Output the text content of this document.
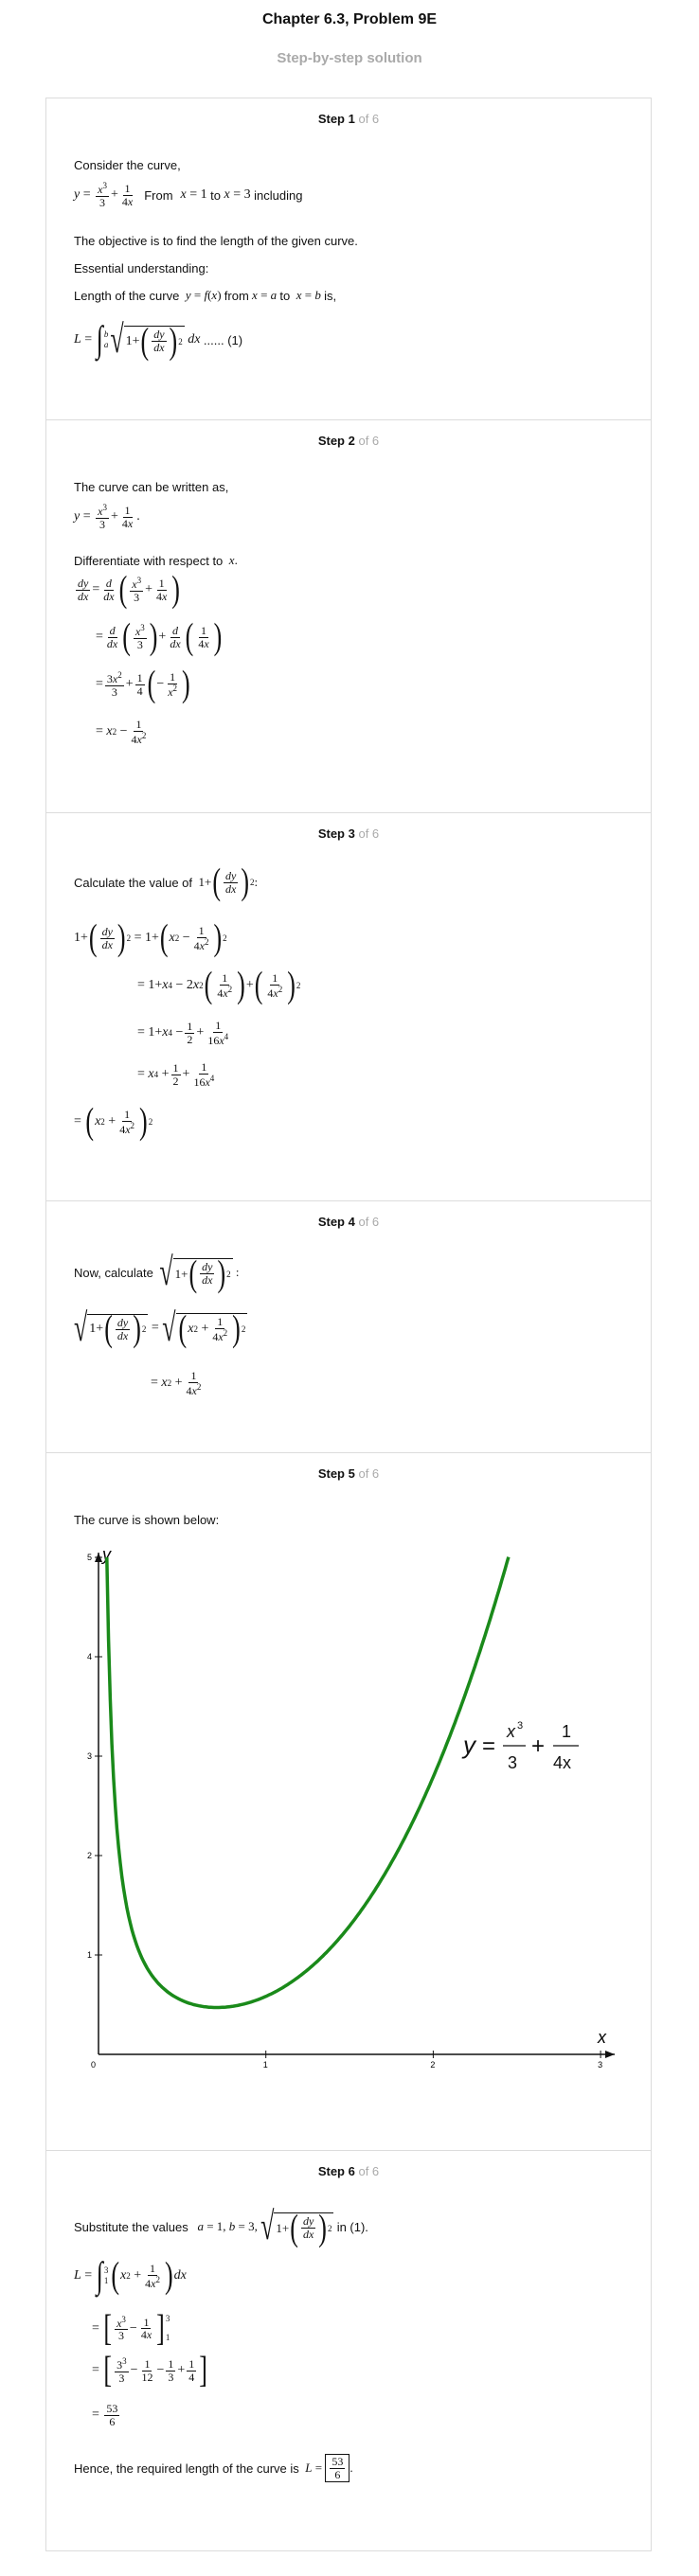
Chapter 6.3, Problem 9E
Step-by-step solution
Step 1 of 6
Consider the curve,
$y = x^3$
3
+ 1
4x From x = 1 to
x = 3 including
The objective is to find the length of the given curve.
Essential understanding:
Length of the curve
y = f ( x ) from
x = a
to
x = b
is,
L = ∫ b
a √ 1+ ( dy
dx ) 2
dx
...... (1)
Step 2 of 6
The curve can be written as,
$y = x^3$
3
+ 1
4x .
Differentiate with respect to
x .
dy
dx = d
dx ( $x^3$
3
+ 1
4x )
= d
dx ( $x^3$
3 ) + d
dx ( 1
4x )
= $3x^2$
3
+ 1
4 ( −
1
$x^2$ )
= x 2 −
1
$4x^2$
Step 3 of 6
Calculate the value of 1+ ( dy
dx ) 2 :
1+ ( dy
dx ) 2 = 1+ ( x 2 −
1
$4x^2$ ) 2
= 1+ x 4 − 2 x 2 ( 1
$4x^2$ ) + ( 1
$4x^2$ ) 2
= 1+ x 4 − 1
2 +
1
$16x^4$
= x 4 + 1
2 +
1
$16x^4$
= ( x 2 +
1
$4x^2$ ) 2
Step 4 of 6
Now, calculate
√ 1+ ( dy
dx ) 2 :
√ 1+ ( dy
dx ) 2 = √ ( x 2 +
1
$4x^2$ ) 2
= x 2 +
1
$4x^2$
Step 5 of 6
The curve is shown below:
x
y
0	1	2	3
1
2
3
4
5
y =
x 3
3
+
1
4x
Step 6 of 6
Substitute the values
a = 1, b = 3, √ 1+ ( dy
dx ) 2
in (1).
L = ∫ 3
1 ( x 2 +
1
$4x^2$ ) dx
= [ $x^3$
3
− 1
4x ] 3
1
= [ $3^3$
3
− 1
12 − 1
3 + 1
4 ]
= 53
6
Hence, the required length of the curve is
L = 53
6 .
